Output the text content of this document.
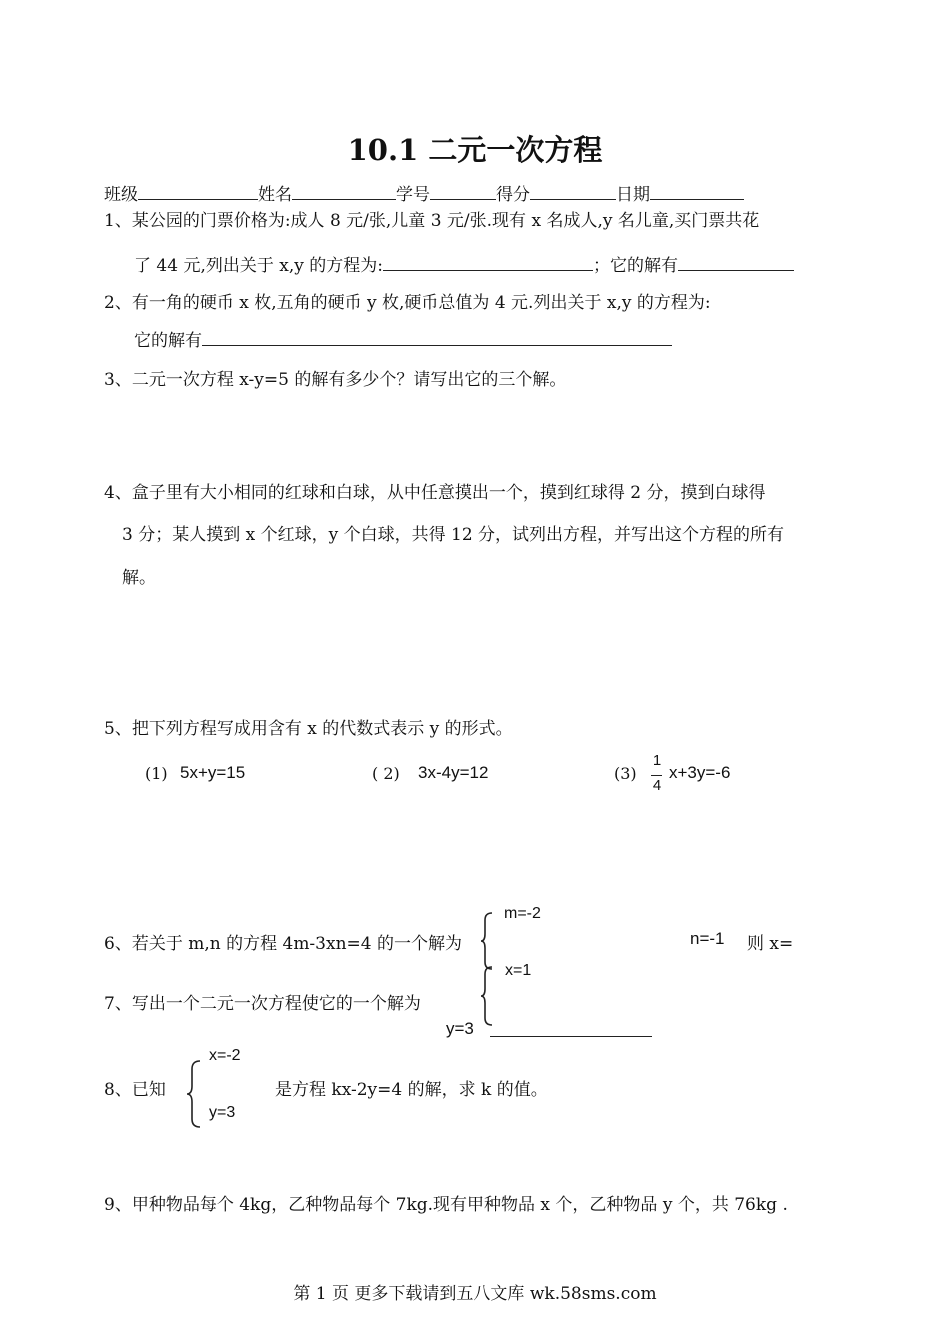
10.1 二元一次方程
班级	姓名	学号	得分	日期
1、某公园的门票价格为:成人 8 元/张,儿童 3 元/张.现有 x 名成人,y 名儿童,买门票共花
了 44 元,列出关于 x,y 的方程为:	；它的解有
2、有一角的硬币 x 枚,五角的硬币 y 枚,硬币总值为 4 元.列出关于 x,y 的方程为:
它的解有
3、二元一次方程 x-y=5 的解有多少个？请写出它的三个解。
4、盒子里有大小相同的红球和白球，从中任意摸出一个，摸到红球得 2 分，摸到白球得
3 分；某人摸到 x 个红球，y 个白球，共得 12 分，试列出方程，并写出这个方程的所有
解。
5、把下列方程写成用含有 x 的代数式表示 y 的形式。
(1) 5x+y=15	( 2) 3x-4y=12	(3)
1
4
x+3y=-6
m=-2
6、若关于 m,n 的方程 4m-3xn=4 的一个解为	n=-1 则 x=
x=1
7、写出一个二元一次方程使它的一个解为
y=3
x=-2
8、已知	是方程 kx-2y=4 的解，求 k 的值。
y=3
9、甲种物品每个 4kg，乙种物品每个 7kg.现有甲种物品 x 个，乙种物品 y 个，共 76kg .
第 1 页 更多下载请到五八文库 wk.58sms.com
